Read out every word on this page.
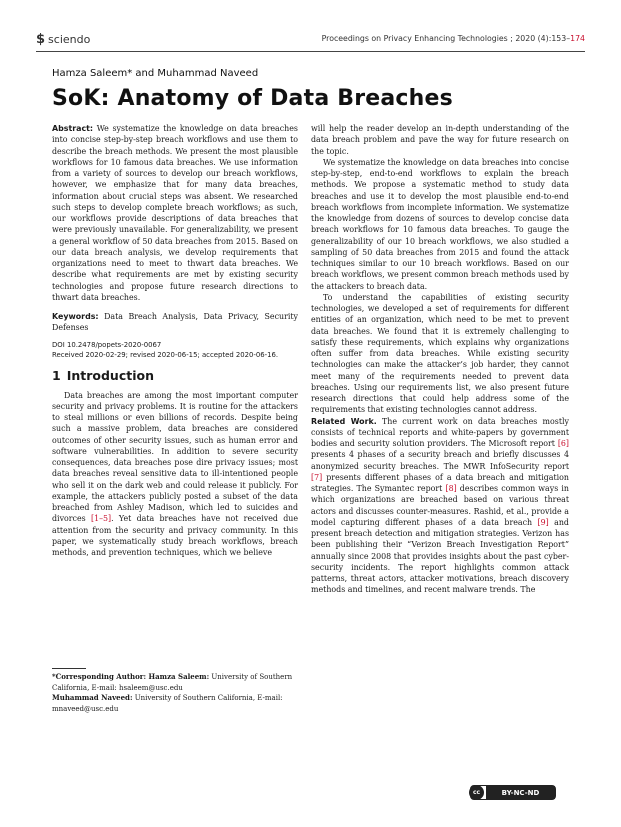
$ sciendo	Proceedings on Privacy Enhancing Technologies ; 2020 (4):153–174
Hamza Saleem* and Muhammad Naveed
SoK: Anatomy of Data Breaches

Abstract: We systematize the knowledge on data breaches into concise step-by-step breach workflows and use them to describe the breach methods. We present the most plausible workflows for 10 famous data breaches. We use information from a variety of sources to develop our breach workflows, however, we emphasize that for many data breaches, information about crucial steps was absent. We researched such steps to develop complete breach workflows; as such, our workflows provide descriptions of data breaches that were previously unavailable. For generalizability, we present a general workflow of 50 data breaches from 2015. Based on our data breach analysis, we develop requirements that organizations need to meet to thwart data breaches. We describe what requirements are met by existing security technologies and propose future research directions to thwart data breaches.

Keywords: Data Breach Analysis, Data Privacy, Security Defenses

DOI 10.2478/popets-2020-0067
Received 2020-02-29; revised 2020-06-15; accepted 2020-06-16.

1 Introduction

Data breaches are among the most important computer security and privacy problems. It is routine for the attackers to steal millions or even billions of records. Despite being such a massive problem, data breaches are considered outcomes of other security issues, such as human error and software vulnerabilities. In addition to severe security consequences, data breaches pose dire privacy issues; most data breaches reveal sensitive data to ill-intentioned people who sell it on the dark web and could release it publicly. For example, the attackers publicly posted a subset of the data breached from Ashley Madison, which led to suicides and divorces [1–5]. Yet data breaches have not received due attention from the security and privacy community. In this paper, we systematically study breach workflows, breach methods, and prevention techniques, which we believe

*Corresponding Author: Hamza Saleem: University of Southern California, E-mail: hsaleem@usc.edu
Muhammad Naveed: University of Southern California, E-mail: mnaveed@usc.edu

will help the reader develop an in-depth understanding of the data breach problem and pave the way for future research on the topic.

We systematize the knowledge on data breaches into concise step-by-step, end-to-end workflows to explain the breach methods. We propose a systematic method to study data breaches and use it to develop the most plausible end-to-end breach workflows from incomplete information. We systematize the knowledge from dozens of sources to develop concise data breach workflows for 10 famous data breaches. To gauge the generalizability of our 10 breach workflows, we also studied a sampling of 50 data breaches from 2015 and found the attack techniques similar to our 10 breach workflows. Based on our breach workflows, we present common breach methods used by the attackers to breach data.

To understand the capabilities of existing security technologies, we developed a set of requirements for different entities of an organization, which need to be met to prevent data breaches. We found that it is extremely challenging to satisfy these requirements, which explains why organizations often suffer from data breaches. While existing security technologies can make the attacker’s job harder, they cannot meet many of the requirements needed to prevent data breaches. Using our requirements list, we also present future research directions that could help address some of the requirements that existing technologies cannot address.

Related Work. The current work on data breaches mostly consists of technical reports and white-papers by government bodies and security solution providers. The Microsoft report [6] presents 4 phases of a security breach and briefly discusses 4 anonymized security breaches. The MWR InfoSecurity report [7] presents different phases of a data breach and mitigation strategies. The Symantec report [8] describes common ways in which organizations are breached based on various threat actors and discusses counter-measures. Rashid, et al., provide a model capturing different phases of a data breach [9] and present breach detection and mitigation strategies. Verizon has been publishing their “Verizon Breach Investigation Report” annually since 2008 that provides insights about the past cyber-security incidents. The report highlights common attack patterns, threat actors, attacker motivations, breach discovery methods and timelines, and recent malware trends. The

cc	BY-NC-ND
